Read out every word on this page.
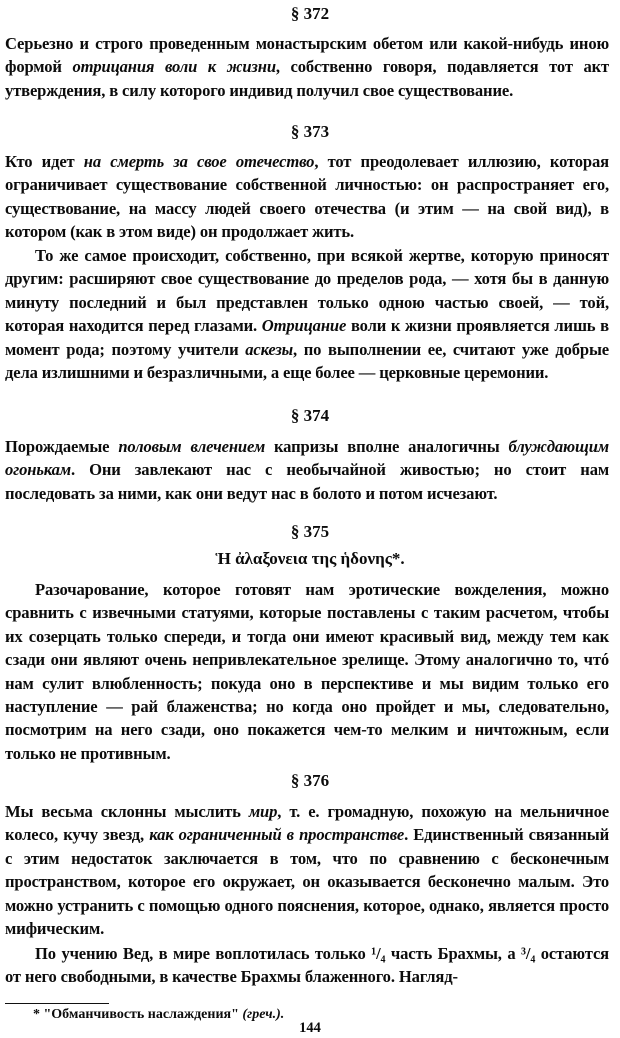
§ 372

Серьезно и строго проведенным монастырским обетом или какой-нибудь иною формой отрицания воли к жизни, собственно говоря, подавляется тот акт утверждения, в силу которого индивид получил свое существование.

§ 373

Кто идет на смерть за свое отечество, тот преодолевает иллюзию, которая ограничивает существование собственной личностью: он распространяет его, существование, на массу людей своего отечества (и этим — на свой вид), в котором (как в этом виде) он продолжает жить.

То же самое происходит, собственно, при всякой жертве, которую приносят другим: расширяют свое существование до пределов рода, — хотя бы в данную минуту последний и был представлен только одною частью своей, — той, которая находится перед глазами. Отрицание воли к жизни проявляется лишь в момент рода; поэтому учители аскезы, по выполнении ее, считают уже добрые дела излишними и безразличными, а еще более — церковные церемонии.

§ 374

Порождаемые половым влечением капризы вполне аналогичны блуждающим огонькам. Они завлекают нас с необычайной живостью; но стоит нам последовать за ними, как они ведут нас в болото и потом исчезают.

§ 375

Ἡ ἀλαξονεια της ἡδονης*.

Разочарование, которое готовят нам эротические вожделения, можно сравнить с извечными статуями, которые поставлены с таким расчетом, чтобы их созерцать только спереди, и тогда они имеют красивый вид, между тем как сзади они являют очень непривлекательное зрелище. Этому аналогично то, чтó нам сулит влюбленность; покуда оно в перспективе и мы видим только его наступление — рай блаженства; но когда оно пройдет и мы, следовательно, посмотрим на него сзади, оно покажется чем-то мелким и ничтожным, если только не противным.

§ 376

Мы весьма склонны мыслить мир, т. е. громадную, похожую на мельничное колесо, кучу звезд, как ограниченный в пространстве. Единственный связанный с этим недостаток заключается в том, что по сравнению с бесконечным пространством, которое его окружает, он оказывается бесконечно малым. Это можно устранить с помощью одного пояснения, которое, однако, является просто мифическим.

По учению Вед, в мире воплотилась только ¹/₄ часть Брахмы, а ³/₄ остаются от него свободными, в качестве Брахмы блаженного. Нагляд-

* "Обманчивость наслаждения" (греч.).

144
